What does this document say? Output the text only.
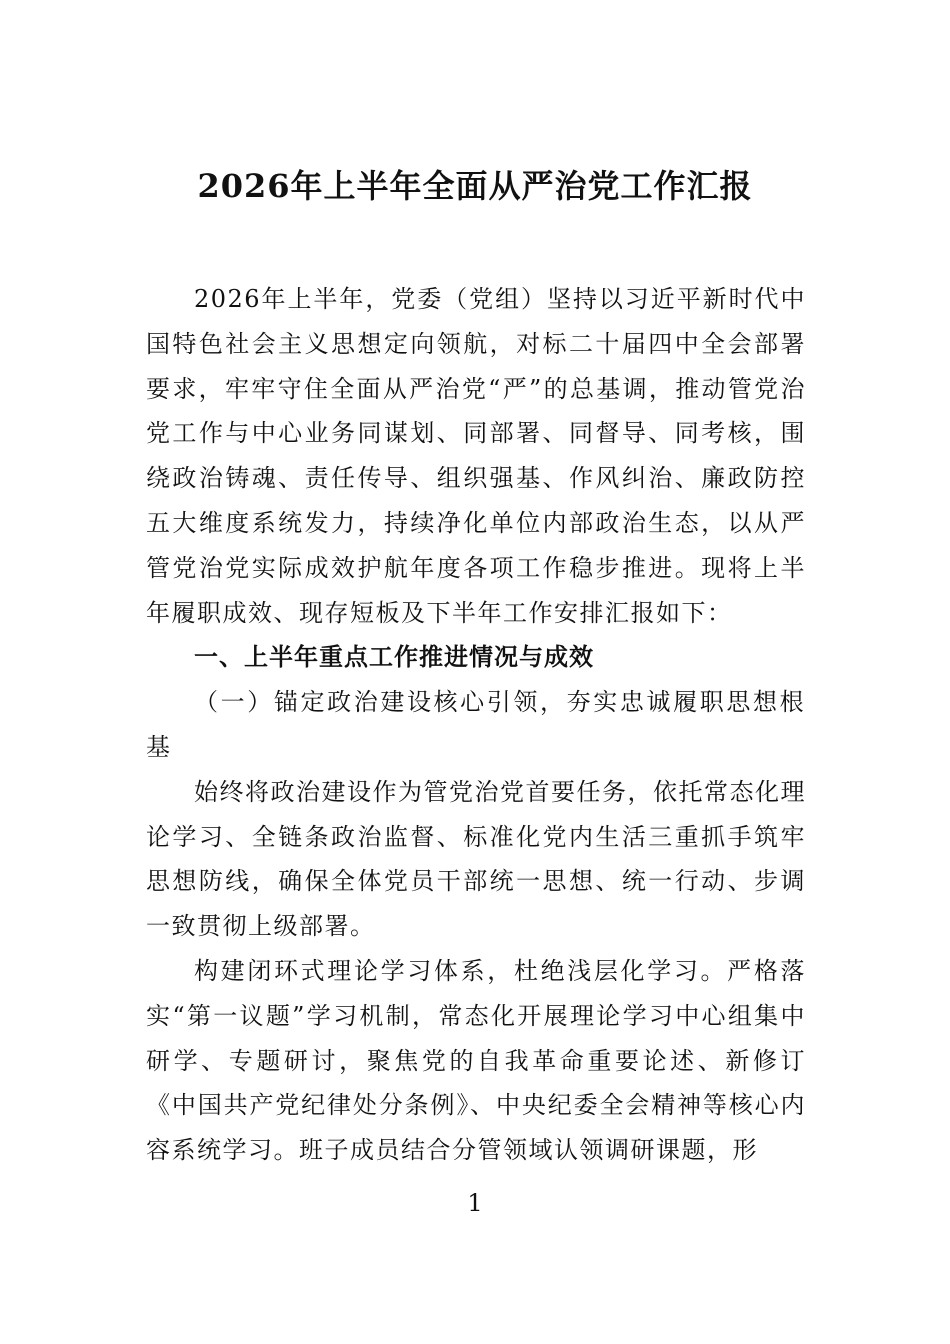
2026年上半年全面从严治党工作汇报

2026年上半年，党委（党组）坚持以习近平新时代中国特色社会主义思想定向领航，对标二十届四中全会部署要求，牢牢守住全面从严治党“严”的总基调，推动管党治党工作与中心业务同谋划、同部署、同督导、同考核，围绕政治铸魂、责任传导、组织强基、作风纠治、廉政防控五大维度系统发力，持续净化单位内部政治生态，以从严管党治党实际成效护航年度各项工作稳步推进。现将上半年履职成效、现存短板及下半年工作安排汇报如下：

一、上半年重点工作推进情况与成效

（一）锚定政治建设核心引领，夯实忠诚履职思想根基

始终将政治建设作为管党治党首要任务，依托常态化理论学习、全链条政治监督、标准化党内生活三重抓手筑牢思想防线，确保全体党员干部统一思想、统一行动、步调一致贯彻上级部署。

构建闭环式理论学习体系，杜绝浅层化学习。严格落实“第一议题”学习机制，常态化开展理论学习中心组集中研学、专题研讨，聚焦党的自我革命重要论述、新修订《中国共产党纪律处分条例》、中央纪委全会精神等核心内容系统学习。班子成员结合分管领域认领调研课题，形

1
